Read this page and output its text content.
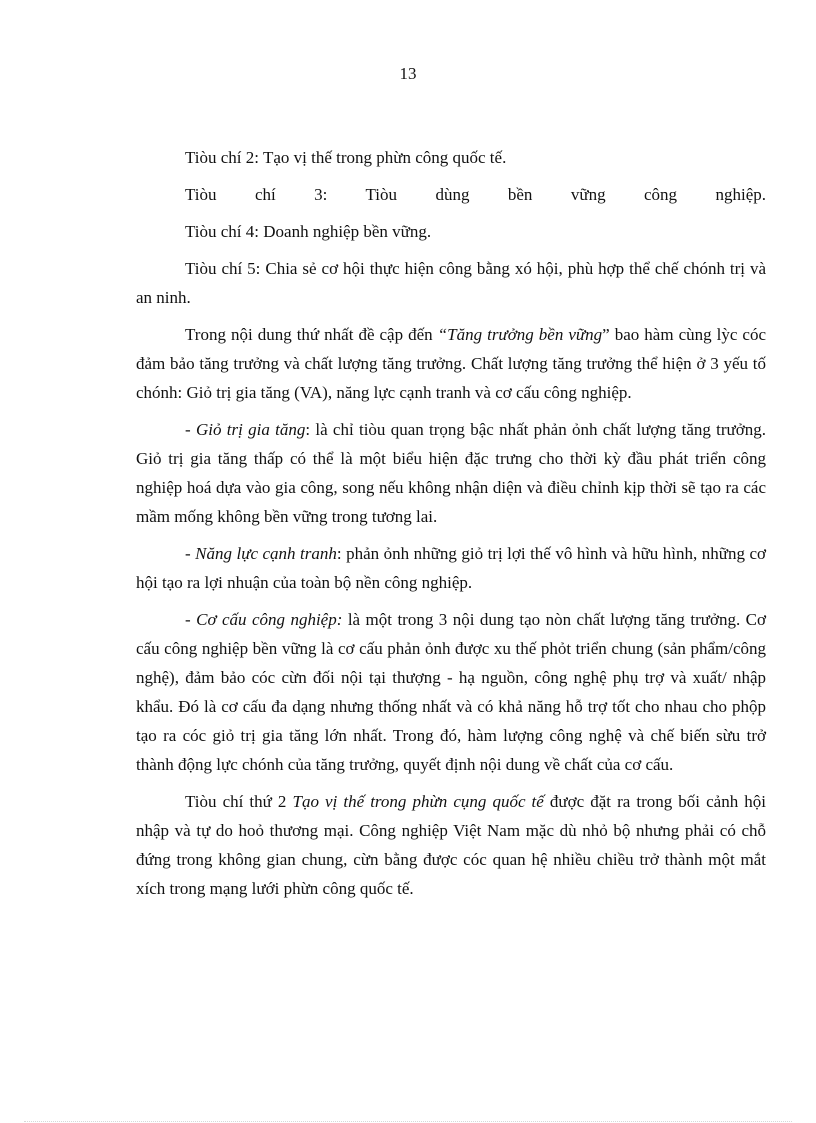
13

Tiòu chí 2: Tạo vị thế trong phừn công quốc tế.

Tiòu chí 3: Tiòu dùng bền vững công nghiệp.

Tiòu chí 4: Doanh nghiệp bền vững.

Tiòu chí 5: Chia sẻ cơ hội thực hiện công bằng xó hội, phù hợp thể chế chónh trị và an ninh.

Trong nội dung thứ nhất đề cập đến “Tăng trưởng bền vững” bao hàm cùng lỳc cóc đảm bảo tăng trưởng và chất lượng tăng trưởng. Chất lượng tăng trưởng thể hiện ở 3 yếu tố chónh: Giỏ trị gia tăng (VA), năng lực cạnh tranh và cơ cấu công nghiệp.

- Giỏ trị gia tăng: là chỉ tiòu quan trọng bậc nhất phản ỏnh chất lượng tăng trưởng. Giỏ trị gia tăng thấp có thể là một biểu hiện đặc trưng cho thời kỳ đầu phát triển công nghiệp hoá dựa vào gia công, song nếu không nhận diện và điều chỉnh kịp thời sẽ tạo ra các mầm mống không bền vững trong tương lai.

- Năng lực cạnh tranh: phản ỏnh những giỏ trị lợi thế vô hình và hữu hình, những cơ hội tạo ra lợi nhuận của toàn bộ nền công nghiệp.

- Cơ cấu công nghiệp: là một trong 3 nội dung tạo nòn chất lượng tăng trưởng. Cơ cấu công nghiệp bền vững là cơ cấu phản ỏnh được xu thế phỏt triển chung (sản phẩm/công nghệ), đảm bảo cóc cừn đối nội tại thượng - hạ nguồn, công nghệ phụ trợ và xuất/ nhập khẩu. Đó là cơ cấu đa dạng nhưng thống nhất và có khả năng hỗ trợ tốt cho nhau cho phộp tạo ra cóc giỏ trị gia tăng lớn nhất. Trong đó, hàm lượng công nghệ và chế biến sừu trở thành động lực chónh của tăng trưởng, quyết định nội dung về chất của cơ cấu.

Tiòu chí thứ 2 Tạo vị thế trong phừn cụng quốc tế được đặt ra trong bối cảnh hội nhập và tự do hoỏ thương mại. Công nghiệp Việt Nam mặc dù nhỏ bộ nhưng phải có chỗ đứng trong không gian chung, cừn bằng được cóc quan hệ nhiều chiều trở thành một mắt xích trong mạng lưới phừn công quốc tế.
